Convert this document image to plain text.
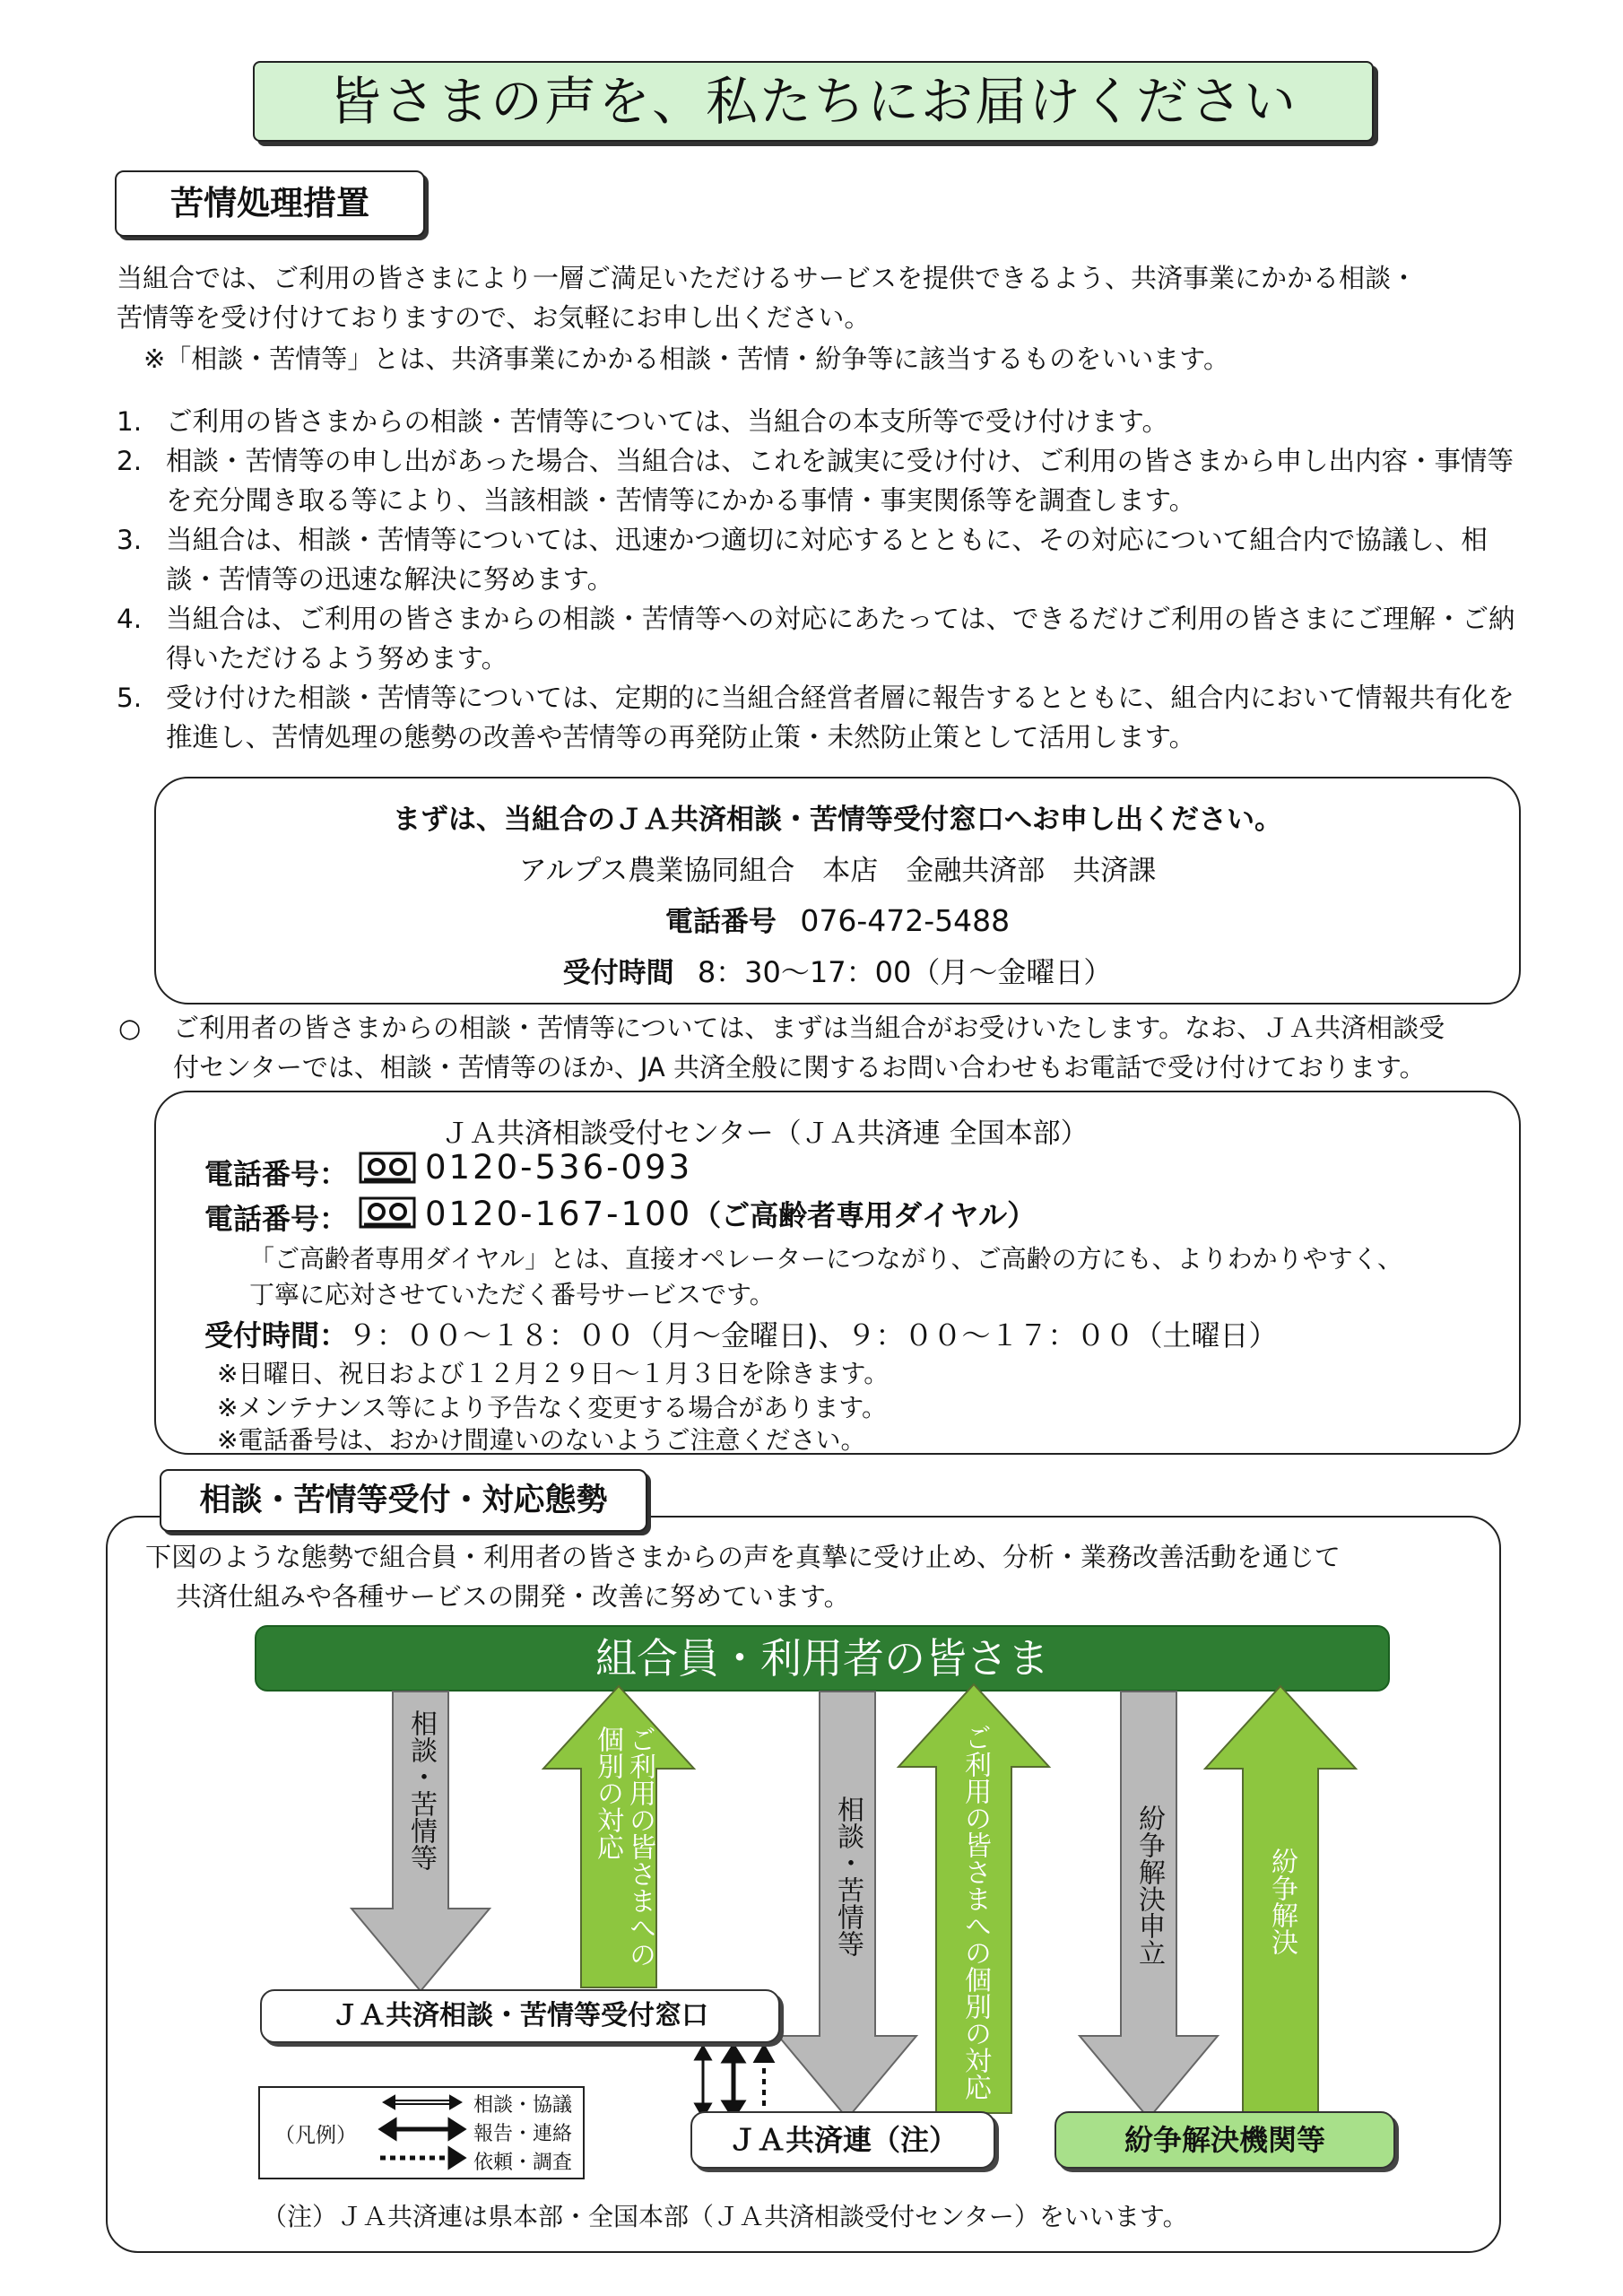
皆さまの声を、私たちにお届けください
苦情処理措置
当組合では、ご利用の皆さまにより一層ご満足いただけるサービスを提供できるよう、共済事業にかかる相談・
苦情等を受け付けておりますので、お気軽にお申し出ください。
※「相談・苦情等」とは、共済事業にかかる相談・苦情・紛争等に該当するものをいいます。
1. ご利用の皆さまからの相談・苦情等については、当組合の本支所等で受け付けます。
2. 相談・苦情等の申し出があった場合、当組合は、これを誠実に受け付け、ご利用の皆さまから申し出内容・事情等を充分聞き取る等により、当該相談・苦情等にかかる事情・事実関係等を調査します。
3. 当組合は、相談・苦情等については、迅速かつ適切に対応するとともに、その対応について組合内で協議し、相談・苦情等の迅速な解決に努めます。
4. 当組合は、ご利用の皆さまからの相談・苦情等への対応にあたっては、できるだけご利用の皆さまにご理解・ご納得いただけるよう努めます。
5. 受け付けた相談・苦情等については、定期的に当組合経営者層に報告するとともに、組合内において情報共有化を推進し、苦情処理の態勢の改善や苦情等の再発防止策・未然防止策として活用します。
まずは、当組合のＪＡ共済相談・苦情等受付窓口へお申し出ください。
アルプス農業協同組合　本店　金融共済部　共済課
電話番号 076-472-5488
受付時間 8：30～17：00（月～金曜日）
○ ご利用者の皆さまからの相談・苦情等については、まずは当組合がお受けいたします。なお、ＪＡ共済相談受
付センターでは、相談・苦情等のほか、JA 共済全般に関するお問い合わせもお電話で受け付けております。
ＪＡ共済相談受付センター（ＪＡ共済連 全国本部）
電話番号： 0120-536-093
電話番号： 0120-167-100（ご高齢者専用ダイヤル）
「ご高齢者専用ダイヤル」とは、直接オペレーターにつながり、ご高齢の方にも、よりわかりやすく、
丁寧に応対させていただく番号サービスです。
受付時間：９：００～１８：００（月～金曜日)、９：００～１７：００（土曜日）
※日曜日、祝日および１２月２９日～１月３日を除きます。
※メンテナンス等により予告なく変更する場合があります。
※電話番号は、おかけ間違いのないようご注意ください。
相談・苦情等受付・対応態勢
下図のような態勢で組合員・利用者の皆さまからの声を真摯に受け止め、分析・業務改善活動を通じて
共済仕組みや各種サービスの開発・改善に努めています。
組合員・利用者の皆さま
相談・苦情等	ご利用の皆さまへの
個別の対応
相談・苦情等	ご利用の皆さまへの個別の対応	紛争解決申立	紛争解決
ＪＡ共済相談・苦情等受付窓口
ＪＡ共済連（注）	紛争解決機関等
（凡例）
相談・協議
報告・連絡
依頼・調査
（注）ＪＡ共済連は県本部・全国本部（ＪＡ共済相談受付センター）をいいます。
